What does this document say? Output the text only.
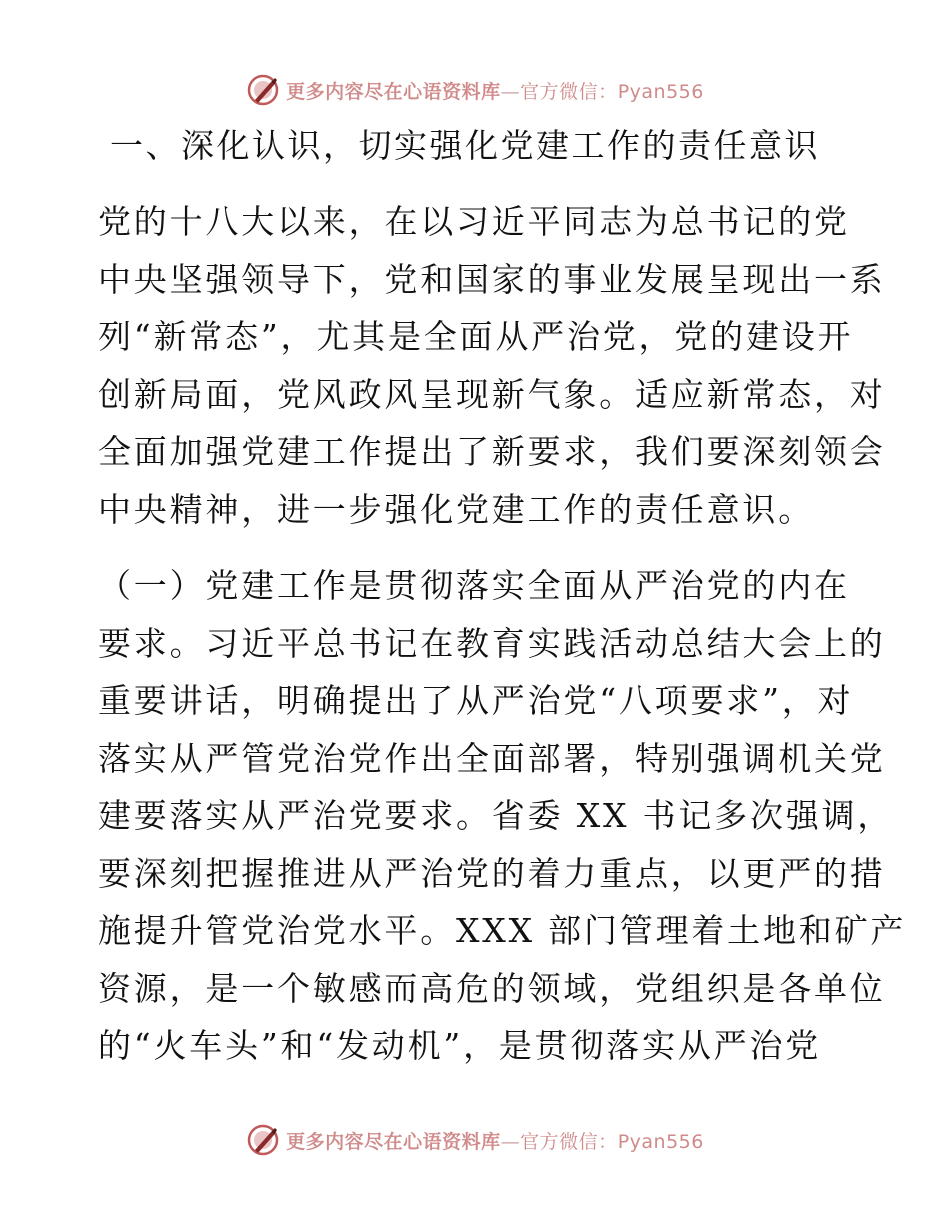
更多内容尽在心语资料库—官方微信：Pyan556
一、深化认识，切实强化党建工作的责任意识

党的十八大以来，在以习近平同志为总书记的党
中央坚强领导下，党和国家的事业发展呈现出一系
列“新常态”，尤其是全面从严治党，党的建设开
创新局面，党风政风呈现新气象。适应新常态，对
全面加强党建工作提出了新要求，我们要深刻领会
中央精神，进一步强化党建工作的责任意识。

（一）党建工作是贯彻落实全面从严治党的内在
要求。习近平总书记在教育实践活动总结大会上的
重要讲话，明确提出了从严治党“八项要求”，对
落实从严管党治党作出全面部署，特别强调机关党
建要落实从严治党要求。省委 XX 书记多次强调，
要深刻把握推进从严治党的着力重点，以更严的措
施提升管党治党水平。XXX 部门管理着土地和矿产
资源，是一个敏感而高危的领域，党组织是各单位
的“火车头”和“发动机”，是贯彻落实从严治党

更多内容尽在心语资料库—官方微信：Pyan556
